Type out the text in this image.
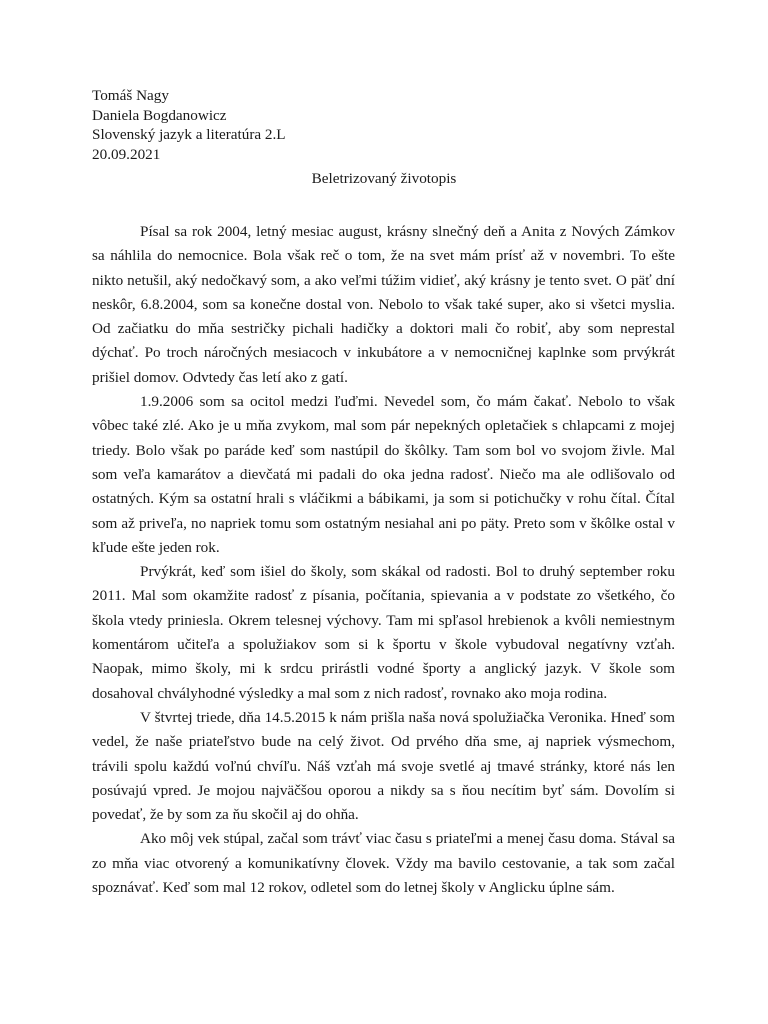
Tomáš Nagy
Daniela Bogdanowicz
Slovenský jazyk a literatúra 2.L
20.09.2021
Beletrizovaný životopis

Písal sa rok 2004, letný mesiac august, krásny slnečný deň a Anita z Nových Zámkov sa náhlila do nemocnice. Bola však reč o tom, že na svet mám prísť až v novembri. To ešte nikto netušil, aký nedočkavý som, a ako veľmi túžim vidieť, aký krásny je tento svet. O päť dní neskôr, 6.8.2004, som sa konečne dostal von. Nebolo to však také super, ako si všetci myslia. Od začiatku do mňa sestričky pichali hadičky a doktori mali čo robiť, aby som neprestal dýchať. Po troch náročných mesiacoch v inkubátore a v nemocničnej kaplnke som prvýkrát prišiel domov. Odvtedy čas letí ako z gatí.

1.9.2006 som sa ocitol medzi ľuďmi. Nevedel som, čo mám čakať. Nebolo to však vôbec také zlé. Ako je u mňa zvykom, mal som pár nepekných opletačiek s chlapcami z mojej triedy. Bolo však po paráde keď som nastúpil do škôlky. Tam som bol vo svojom živle. Mal som veľa kamarátov a dievčatá mi padali do oka jedna radosť. Niečo ma ale odlišovalo od ostatných. Kým sa ostatní hrali s vláčikmi a bábikami, ja som si potichučky v rohu čítal. Čítal som až priveľa, no napriek tomu som ostatným nesiahal ani po päty. Preto som v škôlke ostal v kľude ešte jeden rok.

Prvýkrát, keď som išiel do školy, som skákal od radosti. Bol to druhý september roku 2011. Mal som okamžite radosť z písania, počítania, spievania a v podstate zo všetkého, čo škola vtedy priniesla. Okrem telesnej výchovy. Tam mi spľasol hrebienok a kvôli nemiestnym komentárom učiteľa a spolužiakov som si k športu v škole vybudoval negatívny vzťah. Naopak, mimo školy, mi k srdcu prirástli vodné športy a anglický jazyk. V škole som dosahoval chvályhodné výsledky a mal som z nich radosť, rovnako ako moja rodina.

V štvrtej triede, dňa 14.5.2015 k nám prišla naša nová spolužiačka Veronika. Hneď som vedel, že naše priateľstvo bude na celý život. Od prvého dňa sme, aj napriek výsmechom, trávili spolu každú voľnú chvíľu. Náš vzťah má svoje svetlé aj tmavé stránky, ktoré nás len posúvajú vpred. Je mojou najväčšou oporou a nikdy sa s ňou necítim byť sám. Dovolím si povedať, že by som za ňu skočil aj do ohňa.

Ako môj vek stúpal, začal som trávť viac času s priateľmi a menej času doma. Stával sa zo mňa viac otvorený a komunikatívny človek. Vždy ma bavilo cestovanie, a tak som začal spoznávať. Keď som mal 12 rokov, odletel som do letnej školy v Anglicku úplne sám.
